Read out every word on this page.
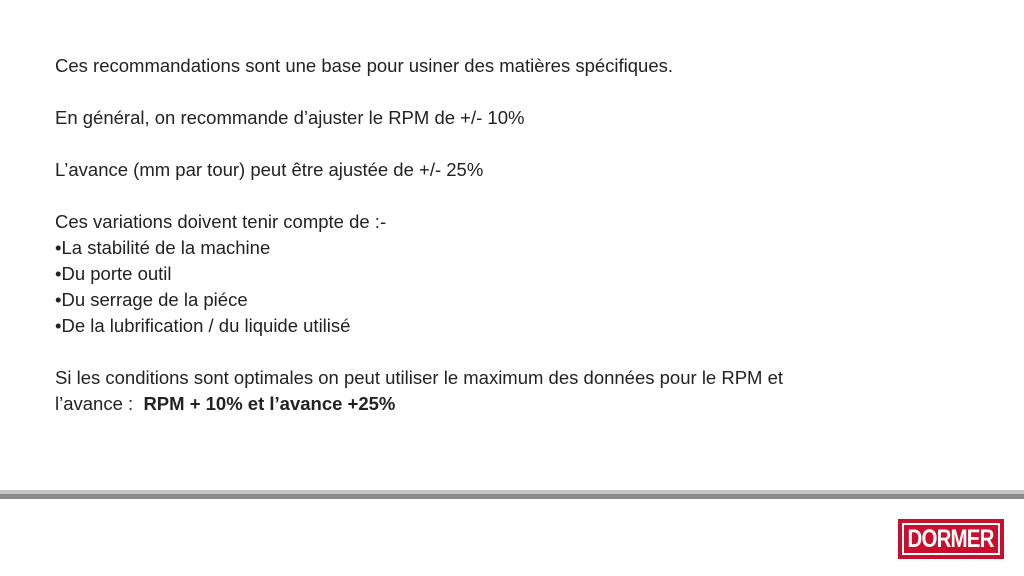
Ces recommandations sont une base pour usiner des matières spécifiques.

En général, on recommande d’ajuster le RPM de +/- 10%

L’avance (mm par tour) peut être ajustée de +/- 25%

Ces variations doivent tenir compte de :-

•La stabilité de la machine

•Du porte outil

•Du serrage de la piéce

•De la lubrification / du liquide utilisé

Si les conditions sont optimales on peut utiliser le maximum des données pour le RPM et

l’avance :  RPM + 10% et l’avance +25%

DORMER
